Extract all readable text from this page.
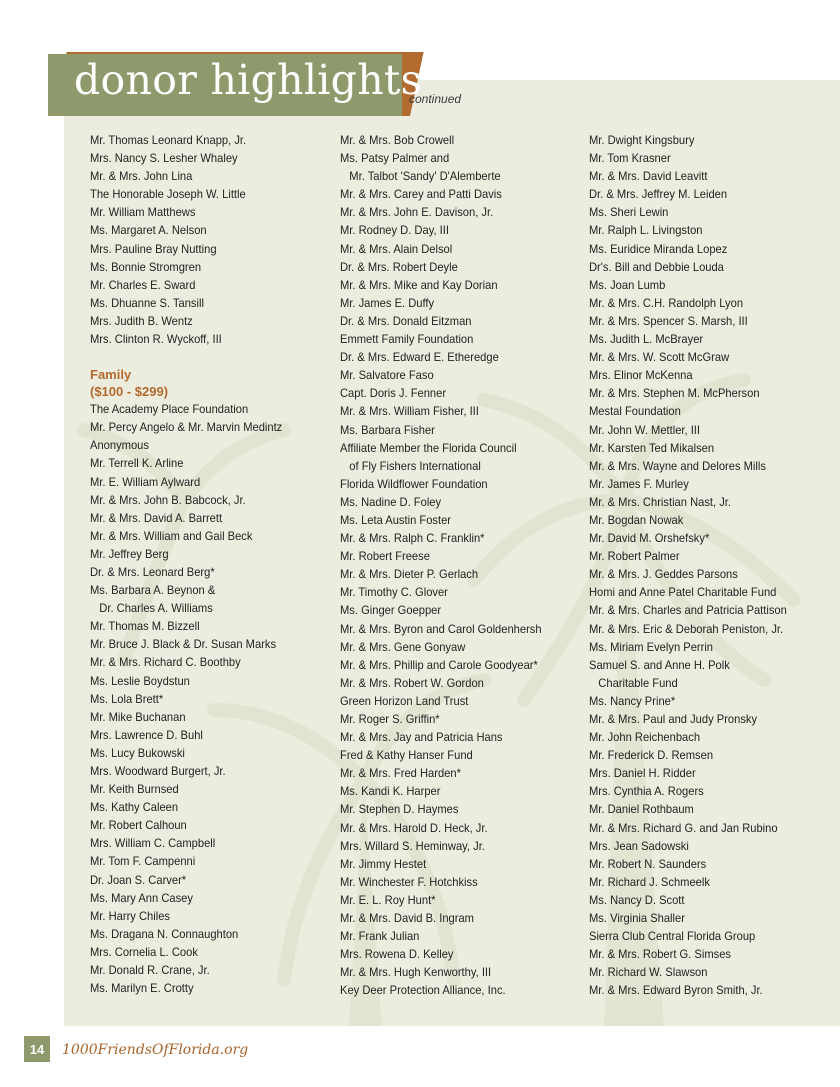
donor highlights
continued
Mr. Thomas Leonard Knapp, Jr.
Mrs. Nancy S. Lesher Whaley
Mr. & Mrs. John Lina
The Honorable Joseph W. Little
Mr. William Matthews
Ms. Margaret A. Nelson
Mrs. Pauline Bray Nutting
Ms. Bonnie Stromgren
Mr. Charles E. Sward
Ms. Dhuanne S. Tansill
Mrs. Judith B. Wentz
Mrs. Clinton R. Wyckoff, III
Family
($100 - $299)
The Academy Place Foundation
Mr. Percy Angelo & Mr. Marvin Medintz
Anonymous
Mr. Terrell K. Arline
Mr. E. William Aylward
Mr. & Mrs. John B. Babcock, Jr.
Mr. & Mrs. David A. Barrett
Mr. & Mrs. William and Gail Beck
Mr. Jeffrey Berg
Dr. & Mrs. Leonard Berg*
Ms. Barbara A. Beynon &
Dr. Charles A. Williams
Mr. Thomas M. Bizzell
Mr. Bruce J. Black & Dr. Susan Marks
Mr. & Mrs. Richard C. Boothby
Ms. Leslie Boydstun
Ms. Lola Brett*
Mr. Mike Buchanan
Mrs. Lawrence D. Buhl
Ms. Lucy Bukowski
Mrs. Woodward Burgert, Jr.
Mr. Keith Burnsed
Ms. Kathy Caleen
Mr. Robert Calhoun
Mrs. William C. Campbell
Mr. Tom F. Campenni
Dr. Joan S. Carver*
Ms. Mary Ann Casey
Mr. Harry Chiles
Ms. Dragana N. Connaughton
Mrs. Cornelia L. Cook
Mr. Donald R. Crane, Jr.
Ms. Marilyn E. Crotty
Mr. & Mrs. Bob Crowell
Ms. Patsy Palmer and
Mr. Talbot 'Sandy' D'Alemberte
Mr. & Mrs. Carey and Patti Davis
Mr. & Mrs. John E. Davison, Jr.
Mr. Rodney D. Day, III
Mr. & Mrs. Alain Delsol
Dr. & Mrs. Robert Deyle
Mr. & Mrs. Mike and Kay Dorian
Mr. James E. Duffy
Dr. & Mrs. Donald Eitzman
Emmett Family Foundation
Dr. & Mrs. Edward E. Etheredge
Mr. Salvatore Faso
Capt. Doris J. Fenner
Mr. & Mrs. William Fisher, III
Ms. Barbara Fisher
Affiliate Member the Florida Council
of Fly Fishers International
Florida Wildflower Foundation
Ms. Nadine D. Foley
Ms. Leta Austin Foster
Mr. & Mrs. Ralph C. Franklin*
Mr. Robert Freese
Mr. & Mrs. Dieter P. Gerlach
Mr. Timothy C. Glover
Ms. Ginger Goepper
Mr. & Mrs. Byron and Carol Goldenhersh
Mr. & Mrs. Gene Gonyaw
Mr. & Mrs. Phillip and Carole Goodyear*
Mr. & Mrs. Robert W. Gordon
Green Horizon Land Trust
Mr. Roger S. Griffin*
Mr. & Mrs. Jay and Patricia Hans
Fred & Kathy Hanser Fund
Mr. & Mrs. Fred Harden*
Ms. Kandi K. Harper
Mr. Stephen D. Haymes
Mr. & Mrs. Harold D. Heck, Jr.
Mrs. Willard S. Heminway, Jr.
Mr. Jimmy Hestet
Mr. Winchester F. Hotchkiss
Mr. E. L. Roy Hunt*
Mr. & Mrs. David B. Ingram
Mr. Frank Julian
Mrs. Rowena D. Kelley
Mr. & Mrs. Hugh Kenworthy, III
Key Deer Protection Alliance, Inc.
Mr. Dwight Kingsbury
Mr. Tom Krasner
Mr. & Mrs. David Leavitt
Dr. & Mrs. Jeffrey M. Leiden
Ms. Sheri Lewin
Mr. Ralph L. Livingston
Ms. Euridice Miranda Lopez
Dr's. Bill and Debbie Louda
Ms. Joan Lumb
Mr. & Mrs. C.H. Randolph Lyon
Mr. & Mrs. Spencer S. Marsh, III
Ms. Judith L. McBrayer
Mr. & Mrs. W. Scott McGraw
Mrs. Elinor McKenna
Mr. & Mrs. Stephen M. McPherson
Mestal Foundation
Mr. John W. Mettler, III
Mr. Karsten Ted Mikalsen
Mr. & Mrs. Wayne and Delores Mills
Mr. James F. Murley
Mr. & Mrs. Christian Nast, Jr.
Mr. Bogdan Nowak
Mr. David M. Orshefsky*
Mr. Robert Palmer
Mr. & Mrs. J. Geddes Parsons
Homi and Anne Patel Charitable Fund
Mr. & Mrs. Charles and Patricia Pattison
Mr. & Mrs. Eric & Deborah Peniston, Jr.
Ms. Miriam Evelyn Perrin
Samuel S. and Anne H. Polk
Charitable Fund
Ms. Nancy Prine*
Mr. & Mrs. Paul and Judy Pronsky
Mr. John Reichenbach
Mr. Frederick D. Remsen
Mrs. Daniel H. Ridder
Mrs. Cynthia A. Rogers
Mr. Daniel Rothbaum
Mr. & Mrs. Richard G. and Jan Rubino
Mrs. Jean Sadowski
Mr. Robert N. Saunders
Mr. Richard J. Schmeelk
Ms. Nancy D. Scott
Ms. Virginia Shaller
Sierra Club Central Florida Group
Mr. & Mrs. Robert G. Simses
Mr. Richard W. Slawson
Mr. & Mrs. Edward Byron Smith, Jr.
14	1000FriendsOfFlorida.org
